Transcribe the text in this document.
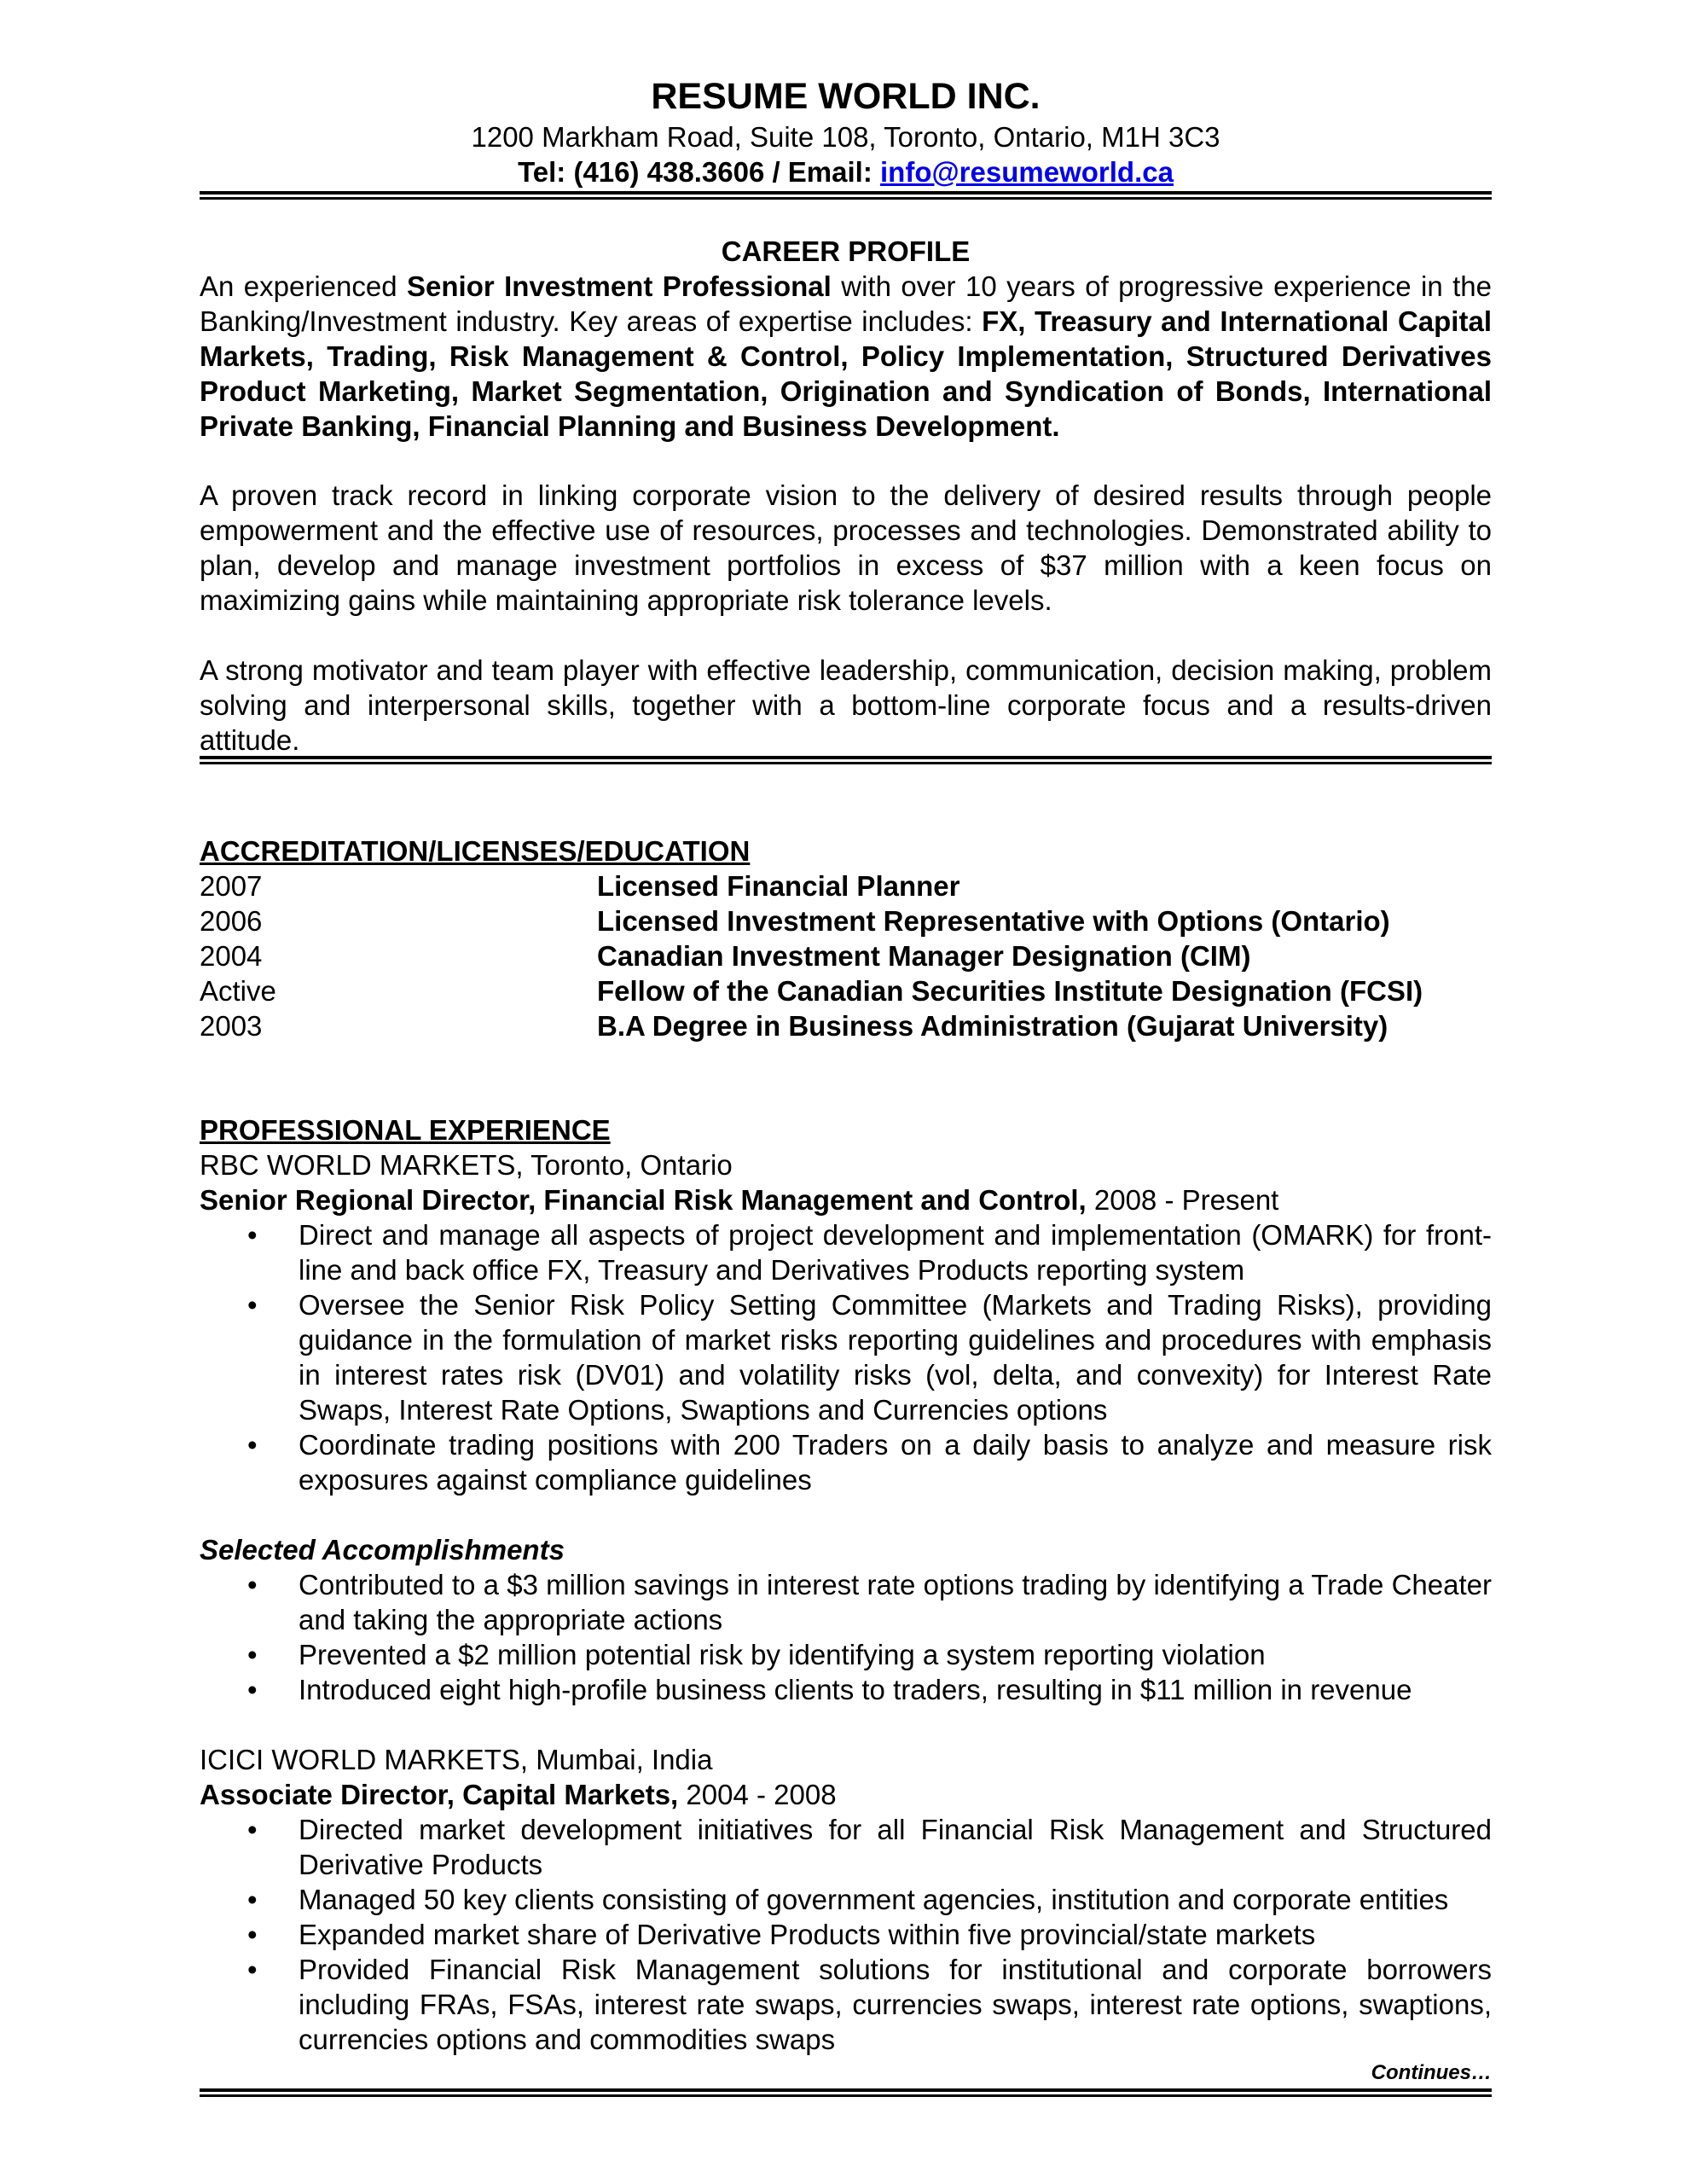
RESUME WORLD INC.
1200 Markham Road, Suite 108, Toronto, Ontario, M1H 3C3
Tel: (416) 438.3606 / Email: info@resumeworld.ca
CAREER PROFILE
An experienced Senior Investment Professional with over 10 years of progressive experience in the Banking/Investment industry. Key areas of expertise includes: FX, Treasury and International Capital Markets, Trading, Risk Management & Control, Policy Implementation, Structured Derivatives Product Marketing, Market Segmentation, Origination and Syndication of Bonds, International Private Banking, Financial Planning and Business Development.
A proven track record in linking corporate vision to the delivery of desired results through people empowerment and the effective use of resources, processes and technologies. Demonstrated ability to plan, develop and manage investment portfolios in excess of $37 million with a keen focus on maximizing gains while maintaining appropriate risk tolerance levels.
A strong motivator and team player with effective leadership, communication, decision making, problem solving and interpersonal skills, together with a bottom-line corporate focus and a results-driven attitude.
ACCREDITATION/LICENSES/EDUCATION
2007	Licensed Financial Planner
2006	Licensed Investment Representative with Options (Ontario)
2004	Canadian Investment Manager Designation (CIM)
Active	Fellow of the Canadian Securities Institute Designation (FCSI)
2003	B.A Degree in Business Administration (Gujarat University)
PROFESSIONAL EXPERIENCE
RBC WORLD MARKETS, Toronto, Ontario
Senior Regional Director, Financial Risk Management and Control, 2008 - Present
• Direct and manage all aspects of project development and implementation (OMARK) for front-line and back office FX, Treasury and Derivatives Products reporting system
• Oversee the Senior Risk Policy Setting Committee (Markets and Trading Risks), providing guidance in the formulation of market risks reporting guidelines and procedures with emphasis in interest rates risk (DV01) and volatility risks (vol, delta, and convexity) for Interest Rate Swaps, Interest Rate Options, Swaptions and Currencies options
• Coordinate trading positions with 200 Traders on a daily basis to analyze and measure risk exposures against compliance guidelines
Selected Accomplishments
• Contributed to a $3 million savings in interest rate options trading by identifying a Trade Cheater and taking the appropriate actions
• Prevented a $2 million potential risk by identifying a system reporting violation
• Introduced eight high-profile business clients to traders, resulting in $11 million in revenue
ICICI WORLD MARKETS, Mumbai, India
Associate Director, Capital Markets, 2004 - 2008
• Directed market development initiatives for all Financial Risk Management and Structured Derivative Products
• Managed 50 key clients consisting of government agencies, institution and corporate entities
• Expanded market share of Derivative Products within five provincial/state markets
• Provided Financial Risk Management solutions for institutional and corporate borrowers including FRAs, FSAs, interest rate swaps, currencies swaps, interest rate options, swaptions, currencies options and commodities swaps
Continues…
